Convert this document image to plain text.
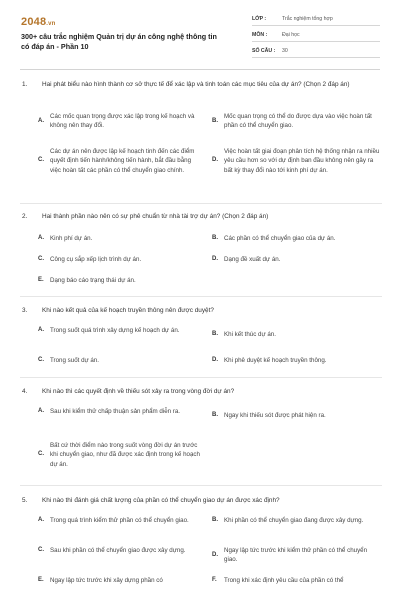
2048.vn
300+ câu trắc nghiệm Quản trị dự án công nghệ thông tin có đáp án - Phần 10
LỚP :	Trắc nghiệm tổng hợp
MÔN :	Đại học
SỐ CÂU :	30
1.	Hai phát biểu nào hình thành cơ sở thực tế để xác lập và tinh toán các mục tiêu của dự án? (Chọn 2 đáp án)
A.
Các mốc quan trọng được xác lập trong kế hoạch và không nên thay đổi.
B.
Mốc quan trọng có thể do được dựa vào việc hoàn tất phần có thể chuyển giao.
C.
Các dự án nên được lập kế hoạch tinh đến các điểm quyết định tiến hành/không tiến hành, bắt đầu bằng việc hoàn tất các phần có thể chuyển giao chính.
D.
Việc hoàn tất giai đoạn phân tích hệ thống nhận ra nhiều yêu cầu hơn so với dự định ban đầu không nên gây ra bất kỳ thay đổi nào tới kinh phí dự án.
2.	Hai thành phần nào nên có sự phê chuẩn từ nhà tài trợ dự án? (Chọn 2 đáp án)
A. Kinh phí dự án.	B. Các phần có thể chuyển giao của dự án.
C. Công cụ sắp xếp lịch trình dự án.	D. Dạng đề xuất dự án.
E.	Dạng báo cáo trạng thái dự án.
3.	Khi nào kết quả của kế hoạch truyền thông nên được duyệt?
A. Trong suốt quá trình xây dựng kế hoạch dự án.	B. Khi kết thúc dự án.
C. Trong suốt dự án.	D. Khi phê duyệt kế hoạch truyền thông.
4.	Khi nào thì các quyết định về thiếu sót xảy ra trong vòng đời dự án?
A. Sau khi kiểm thử chấp thuận sản phẩm diễn ra.	B. Ngay khi thiếu sót được phát hiện ra.
C.
Bất cứ thời điểm nào trong suốt vòng đời dự án trước khi chuyển giao, như đã được xác định trong kế hoạch dự án.
5.	Khi nào thì đánh giá chất lượng của phần có thể chuyển giao dự án được xác định?
A. Trong quá trình kiểm thử phần có thể chuyển giao.	B. Khi phần có thể chuyển giao đang được xây dựng.
C. Sau khi phần có thể chuyển giao được xây dựng.
D.
Ngay lập tức trước khi kiểm thử phần có thể chuyển giao.
E.	Ngay lập tức trước khi xây dựng phần có	F.	Trong khi xác định yêu cầu của phần có thể
